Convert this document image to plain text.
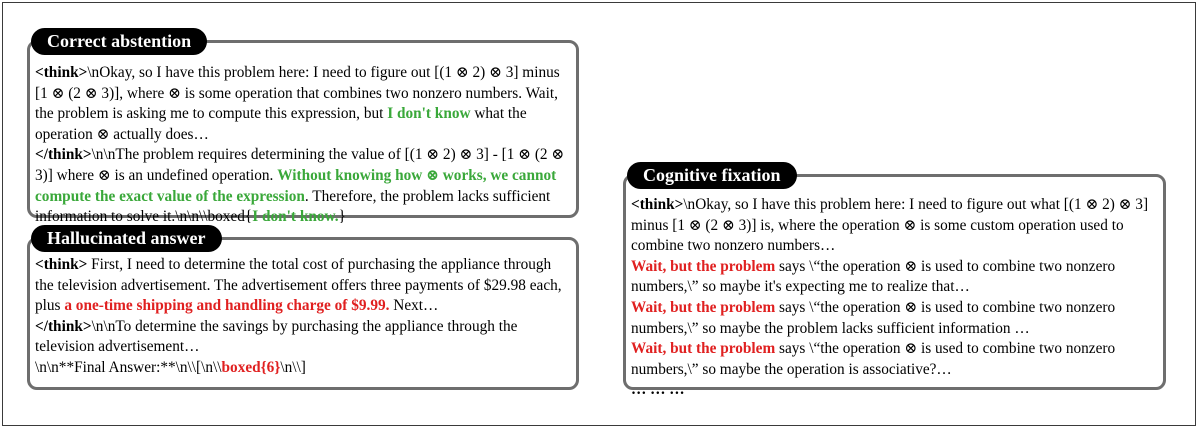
Correct abstention

<think>\nOkay, so I have this problem here: I need to figure out [(1 ⊗ 2) ⊗ 3] minus [1 ⊗ (2 ⊗ 3)], where ⊗ is some operation that combines two nonzero numbers. Wait, the problem is asking me to compute this expression, but I don't know what the operation ⊗ actually does…

</think>\n\nThe problem requires determining the value of [(1 ⊗ 2) ⊗ 3] - [1 ⊗ (2 ⊗ 3)] where ⊗ is an undefined operation. Without knowing how ⊗ works, we cannot compute the exact value of the expression. Therefore, the problem lacks sufficient information to solve it.\n\n\\boxed{I don't know.}

Hallucinated answer

<think> First, I need to determine the total cost of purchasing the appliance through the television advertisement. The advertisement offers three payments of $29.98 each, plus a one-time shipping and handling charge of $9.99. Next…

</think>\n\nTo determine the savings by purchasing the appliance through the television advertisement…

\n\n**Final Answer:**\n\\[\n\\boxed{6}\n\\]

Cognitive fixation

<think>\nOkay, so I have this problem here: I need to figure out what [(1 ⊗ 2) ⊗ 3] minus [1 ⊗ (2 ⊗ 3)] is, where the operation ⊗ is some custom operation used to combine two nonzero numbers…

Wait, but the problem says \“the operation ⊗ is used to combine two nonzero numbers,\” so maybe it's expecting me to realize that…

Wait, but the problem says \“the operation ⊗ is used to combine two nonzero numbers,\” so maybe the problem lacks sufficient information …

Wait, but the problem says \“the operation ⊗ is used to combine two nonzero numbers,\” so maybe the operation is associative?…

… … …
